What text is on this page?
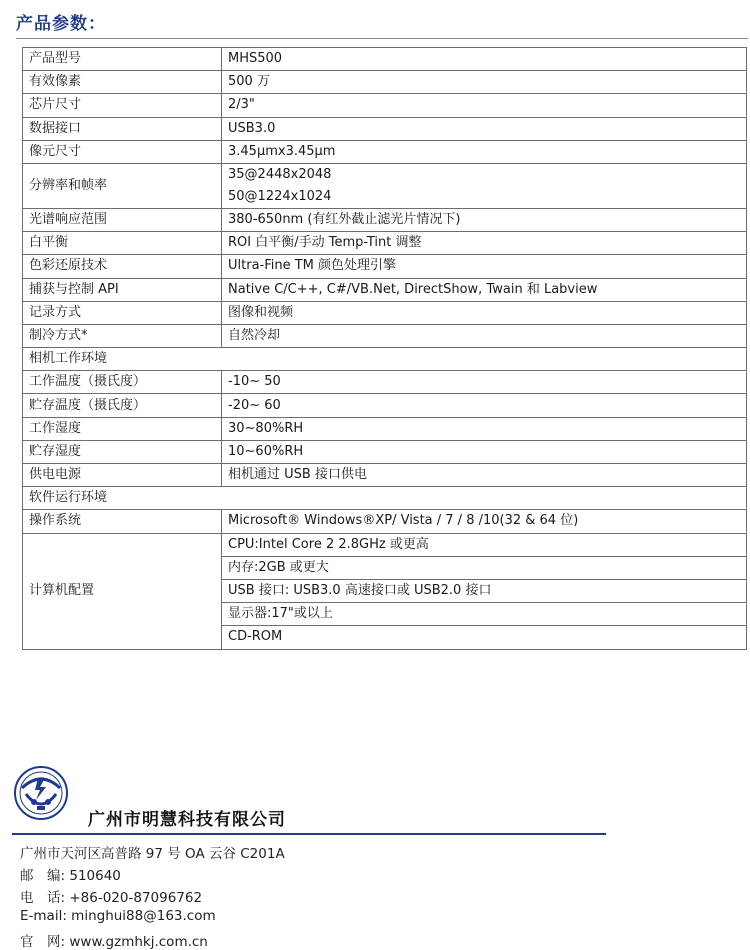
产品参数：
产品型号	MHS500
有效像素	500 万
芯片尺寸	2/3"
数据接口	USB3.0
像元尺寸	3.45μmx3.45μm
分辨率和帧率	35@2448x2048
50@1224x1024

光谱响应范围	380-650nm (有红外截止滤光片情况下)
白平衡	ROI 白平衡/手动 Temp-Tint 调整
色彩还原技术	Ultra-Fine TM 颜色处理引擎
捕获与控制 API	Native C/C++, C#/VB.Net, DirectShow, Twain 和 Labview
记录方式	图像和视频
制冷方式*	自然冷却
相机工作环境	
工作温度（摄氏度）	-10~ 50
贮存温度（摄氏度）	-20~ 60
工作湿度	30~80%RH
贮存湿度	10~60%RH
供电电源	相机通过 USB 接口供电
软件运行环境	
操作系统	Microsoft® Windows®XP/ Vista / 7 / 8 /10(32 & 64 位)
计算机配置	CPU:Intel Core 2 2.8GHz 或更高
	内存:2GB 或更大
	USB 接口: USB3.0 高速接口或 USB2.0 接口
	显示器:17"或以上
	CD-ROM
广州市明慧科技有限公司
广州市天河区高普路 97 号 OA 云谷 C201A
邮　编: 510640
电　话: +86-020-87096762
E-mail: minghui88@163.com
官　网: www.gzmhkj.com.cn
